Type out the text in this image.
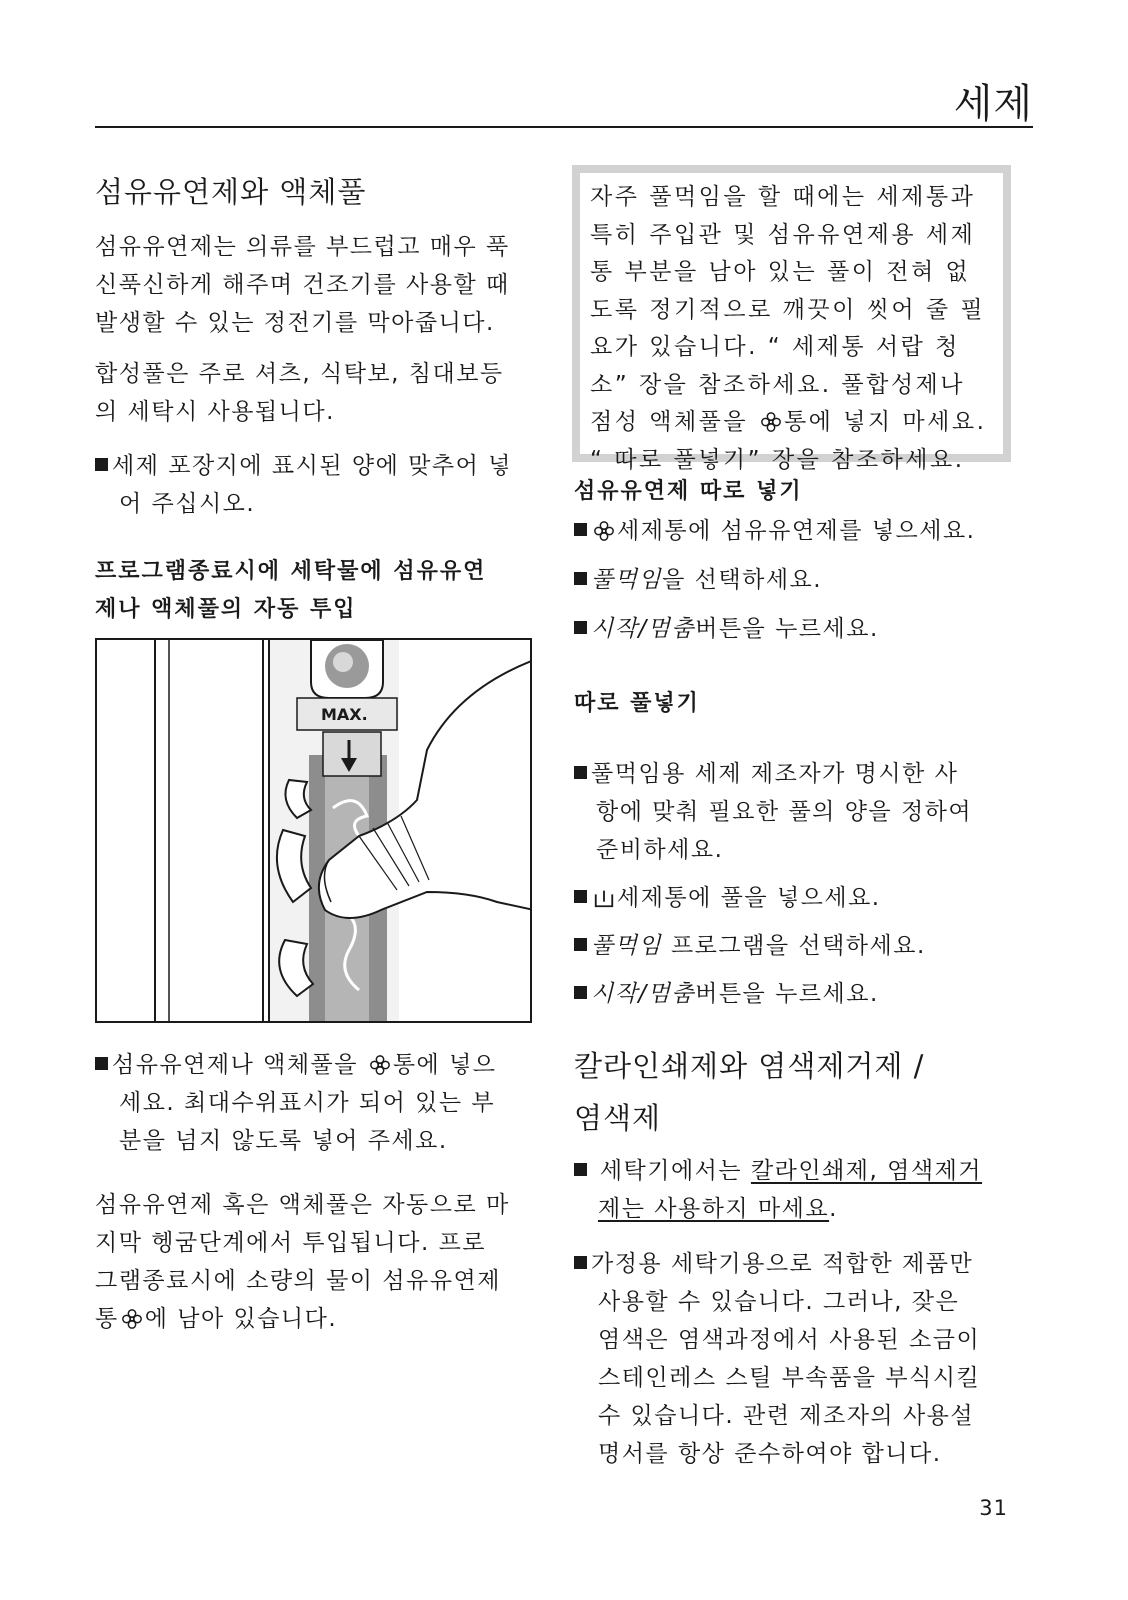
세제
섬유유연제와 액체풀
섬유유연제는 의류를 부드럽고 매우 푹
신푹신하게 해주며 건조기를 사용할 때
발생할 수 있는 정전기를 막아줍니다.
합성풀은 주로 셔츠, 식탁보, 침대보등
의 세탁시 사용됩니다.
세제 포장지에 표시된 양에 맞추어 넣
어 주십시오.
프로그램종료시에 세탁물에 섬유유연
제나 액체풀의 자동 투입
MAX.
섬유유연제나 액체풀을 통에 넣으
세요. 최대수위표시가 되어 있는 부
분을 넘지 않도록 넣어 주세요.
섬유유연제 혹은 액체풀은 자동으로 마
지막 헹굼단계에서 투입됩니다. 프로
그램종료시에 소량의 물이 섬유유연제
통 에 남아 있습니다.

자주 풀먹임을 할 때에는 세제통과

특히 주입관 및 섬유유연제용 세제

통 부분을 남아 있는 풀이 전혀 없

도록 정기적으로 깨끗이 씻어 줄 필

요가 있습니다. “ 세제통 서랍 청

소” 장을 참조하세요. 풀합성제나

점성 액체풀을 통에 넣지 마세요.

“ 따로 풀넣기” 장을 참조하세요.

섬유유연제 따로 넣기
세제통에 섬유유연제를 넣으세요.
풀먹임을 선택하세요.
시작/멈춤버튼을 누르세요.
따로 풀넣기
풀먹임용 세제 제조자가 명시한 사
항에 맞춰 필요한 풀의 양을 정하여
준비하세요.
세제통에 풀을 넣으세요.
풀먹임 프로그램을 선택하세요.
시작/멈춤버튼을 누르세요.
칼라인쇄제와 염색제거제 /
염색제
세탁기에서는 칼라인쇄제, 염색제거
제는 사용하지 마세요.
가정용 세탁기용으로 적합한 제품만
사용할 수 있습니다. 그러나, 잦은
염색은 염색과정에서 사용된 소금이
스테인레스 스틸 부속품을 부식시킬
수 있습니다. 관련 제조자의 사용설
명서를 항상 준수하여야 합니다.
31
